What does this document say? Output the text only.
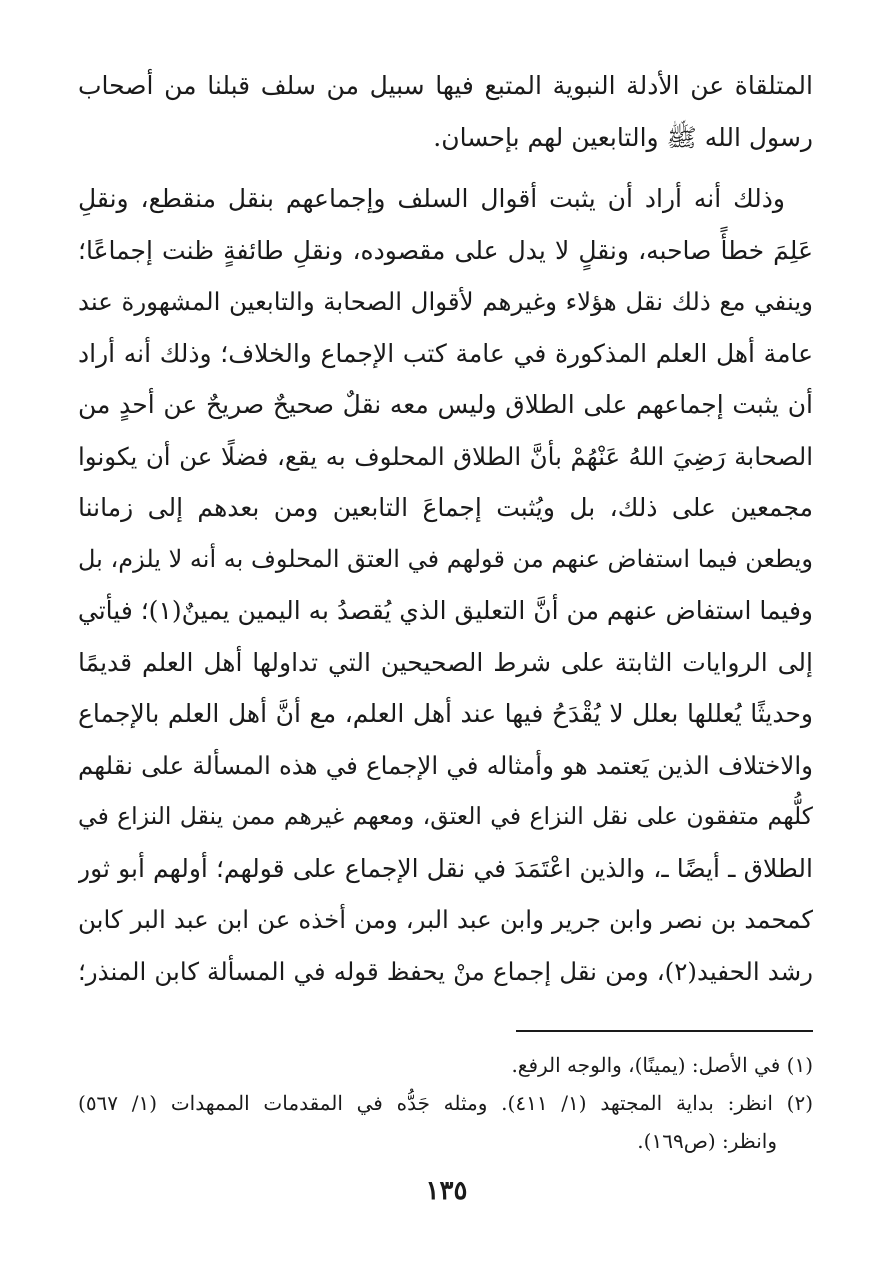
المتلقاة عن الأدلة النبوية المتبع فيها سبيل من سلف قبلنا من أصحاب
رسول الله ﷺ والتابعين لهم بإحسان.
وذلك أنه أراد أن يثبت أقوال السلف وإجماعهم بنقل منقطع، ونقلِ
عَلِمَ خطأً صاحبه، ونقلٍ لا يدل على مقصوده، ونقلِ طائفةٍ ظنت إجماعًا؛
وينفي مع ذلك نقل هؤلاء وغيرهم لأقوال الصحابة والتابعين المشهورة عند
عامة أهل العلم المذكورة في عامة كتب الإجماع والخلاف؛ وذلك أنه أراد
أن يثبت إجماعهم على الطلاق وليس معه نقلٌ صحيحٌ صريحٌ عن أحدٍ من
الصحابة رَضِيَ اللهُ عَنْهُمْ بأنَّ الطلاق المحلوف به يقع، فضلًا عن أن يكونوا
مجمعين على ذلك، بل ويُثبت إجماعَ التابعين ومن بعدهم إلى زماننا
ويطعن فيما استفاض عنهم من قولهم في العتق المحلوف به أنه لا يلزم، بل
وفيما استفاض عنهم من أنَّ التعليق الذي يُقصدُ به اليمين يمينٌ(١)؛ فيأتي
إلى الروايات الثابتة على شرط الصحيحين التي تداولها أهل العلم قديمًا
وحديثًا يُعللها بعلل لا يُقْدَحُ فيها عند أهل العلم، مع أنَّ أهل العلم بالإجماع
والاختلاف الذين يَعتمد هو وأمثاله في الإجماع في هذه المسألة على نقلهم
كلُّهم متفقون على نقل النزاع في العتق، ومعهم غيرهم ممن ينقل النزاع في
الطلاق ـ أيضًا ـ، والذين اعْتَمَدَ في نقل الإجماع على قولهم؛ أولهم أبو ثور
كمحمد بن نصر وابن جرير وابن عبد البر، ومن أخذه عن ابن عبد البر كابن
رشد الحفيد(٢)، ومن نقل إجماع منْ يحفظ قوله في المسألة كابن المنذر؛
(١) في الأصل: (يمينًا)، والوجه الرفع.
(٢) انظر: بداية المجتهد (١/ ٤١١). ومثله جَدُّه في المقدمات الممهدات (١/ ٥٦٧)
وانظر: (ص١٦٩).
١٣٥
